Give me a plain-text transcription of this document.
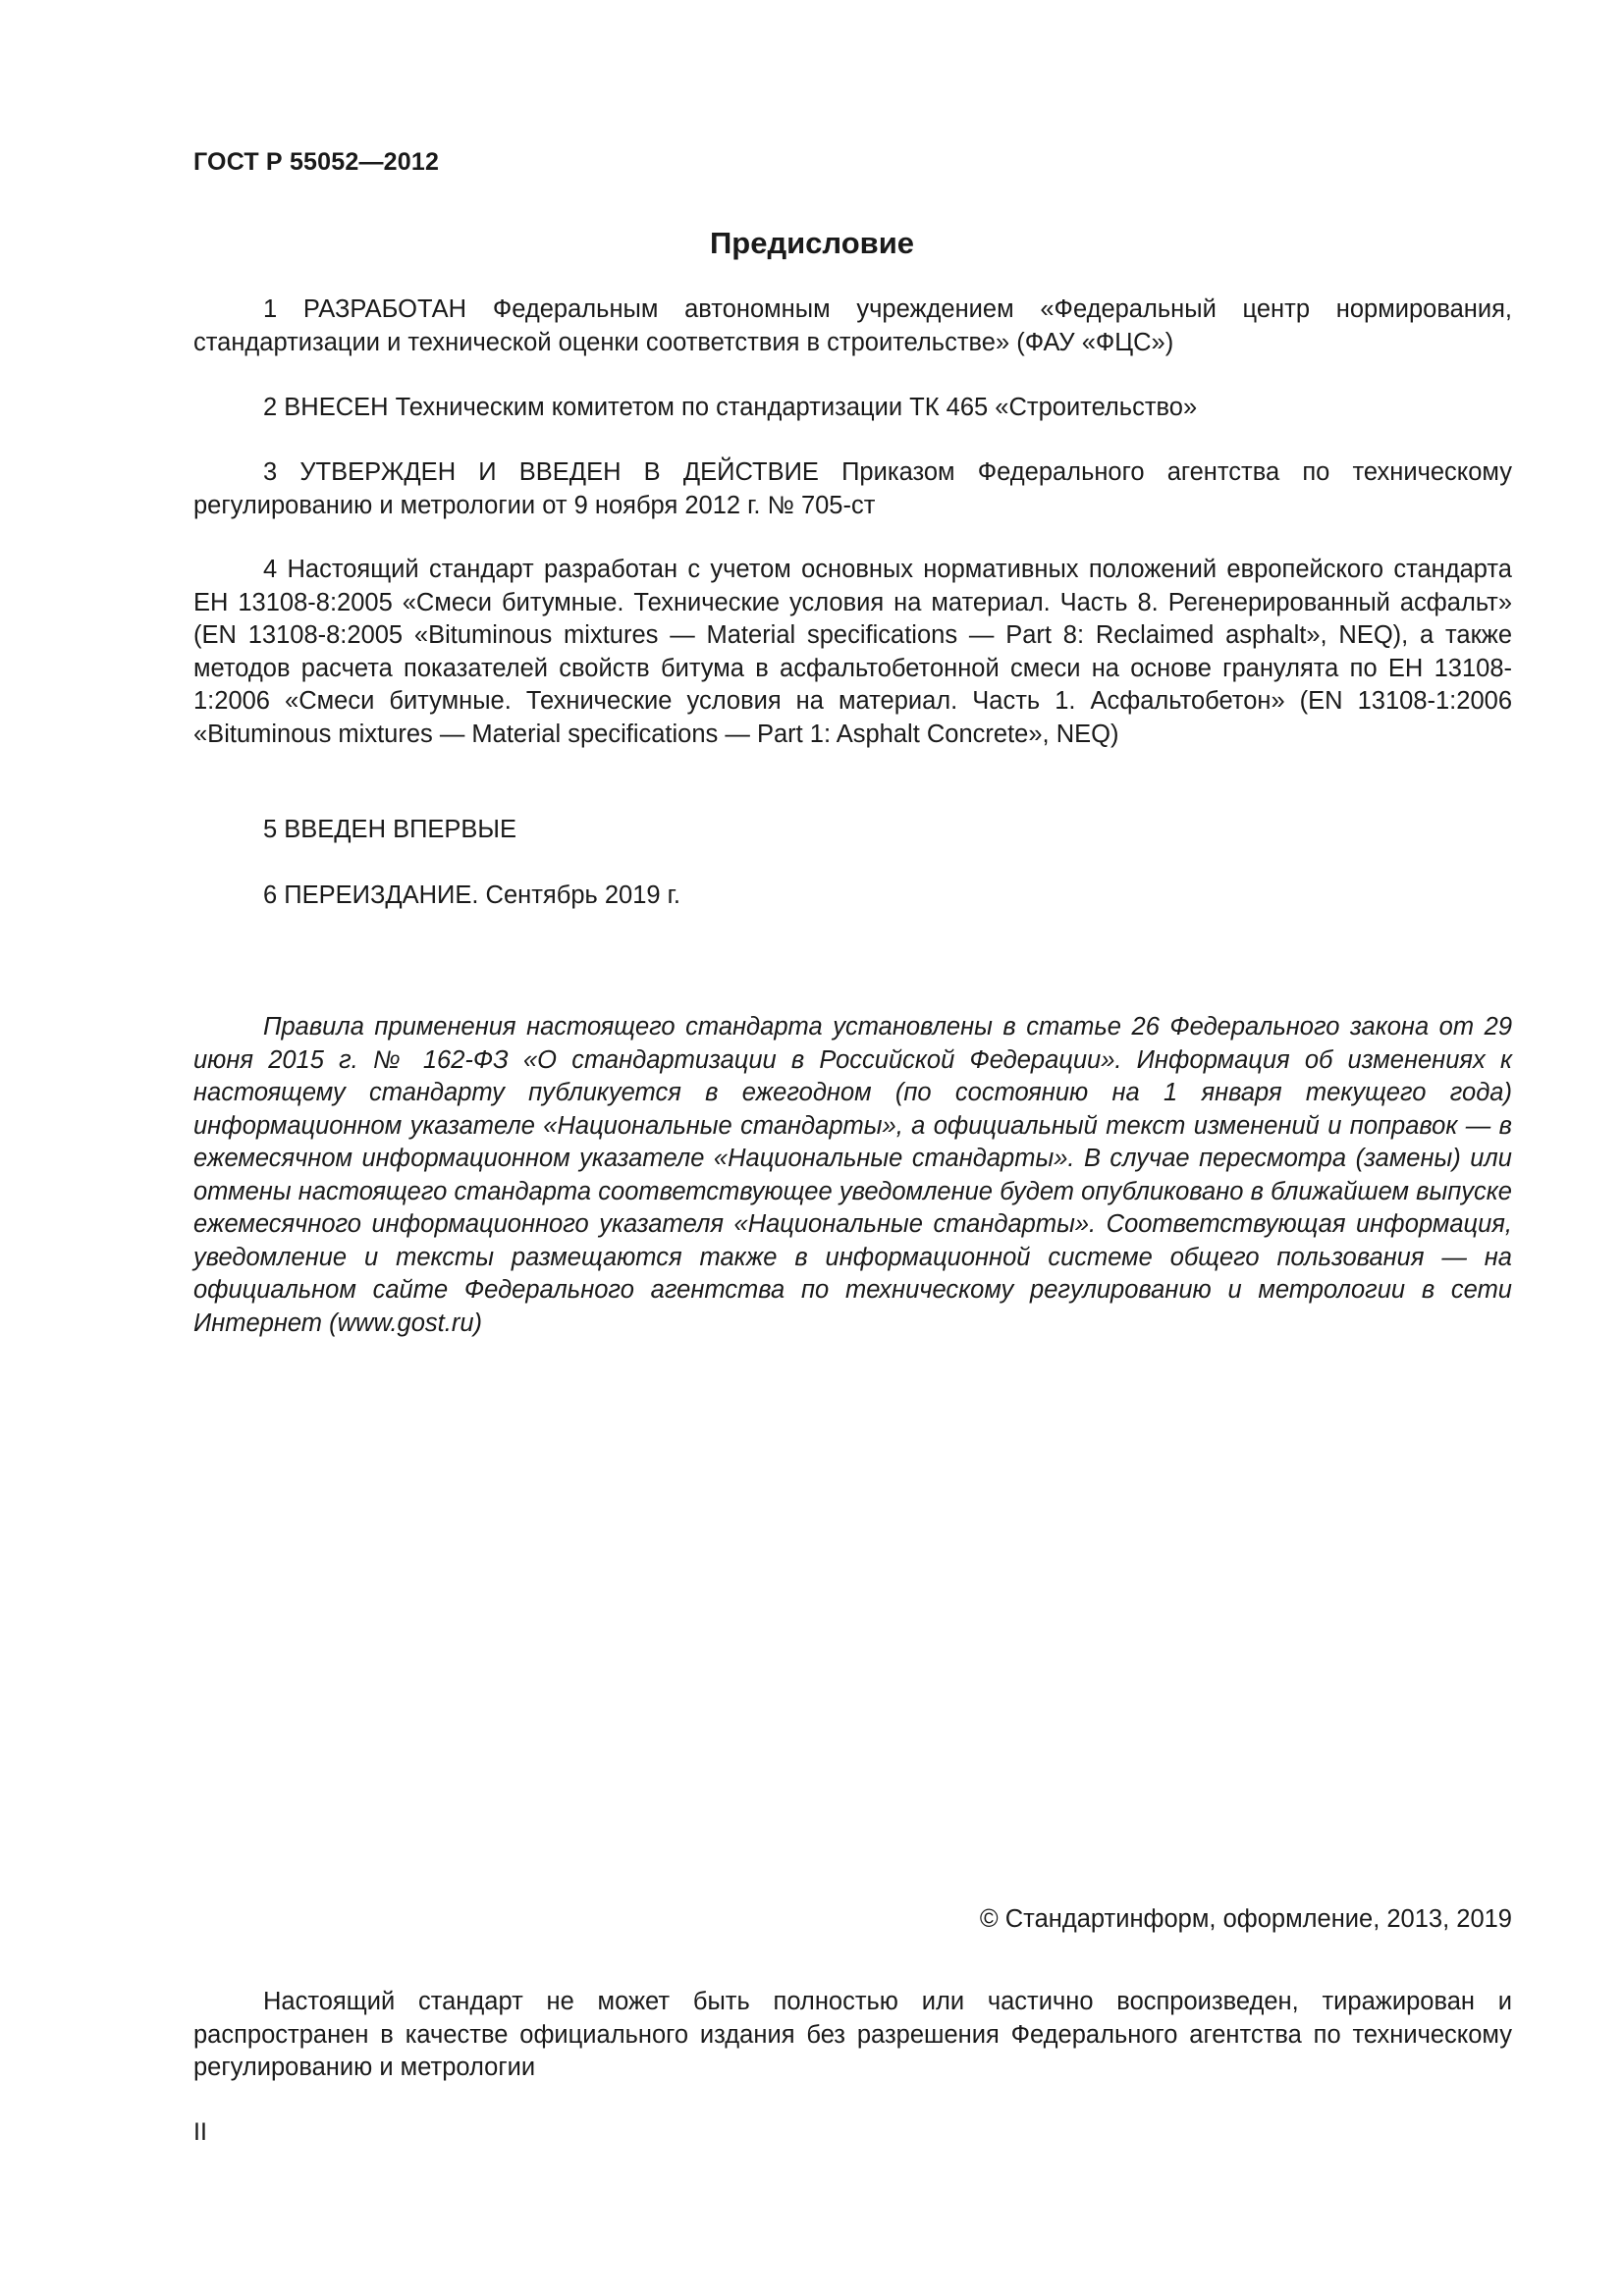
ГОСТ Р 55052—2012
Предисловие

1 РАЗРАБОТАН Федеральным автономным учреждением «Федеральный центр нормирования, стандартизации и технической оценки соответствия в строительстве» (ФАУ «ФЦС»)

2 ВНЕСЕН Техническим комитетом по стандартизации ТК 465 «Строительство»

3 УТВЕРЖДЕН И ВВЕДЕН В ДЕЙСТВИЕ Приказом Федерального агентства по техническому регулированию и метрологии от 9 ноября 2012 г. № 705-ст

4 Настоящий стандарт разработан с учетом основных нормативных положений европейского стандарта ЕН 13108-8:2005 «Смеси битумные. Технические условия на материал. Часть 8. Регенерированный асфальт» (EN 13108-8:2005 «Bituminous mixtures — Material specifications — Part 8: Reclaimed asphalt», NEQ), а также методов расчета показателей свойств битума в асфальтобетонной смеси на основе гранулята по ЕН 13108-1:2006 «Смеси битумные. Технические условия на материал. Часть 1. Асфальтобетон» (EN 13108-1:2006 «Bituminous mixtures — Material specifications — Part 1: Asphalt Concrete», NEQ)

5 ВВЕДЕН ВПЕРВЫЕ

6 ПЕРЕИЗДАНИЕ. Сентябрь 2019 г.

Правила применения настоящего стандарта установлены в статье 26 Федерального закона от 29 июня 2015 г. № 162-ФЗ «О стандартизации в Российской Федерации». Информация об изменениях к настоящему стандарту публикуется в ежегодном (по состоянию на 1 января текущего года) информационном указателе «Национальные стандарты», а официальный текст изменений и поправок — в ежемесячном информационном указателе «Национальные стандарты». В случае пересмотра (замены) или отмены настоящего стандарта соответствующее уведомление будет опубликовано в ближайшем выпуске ежемесячного информационного указателя «Национальные стандарты». Соответствующая информация, уведомление и тексты размещаются также в информационной системе общего пользования — на официальном сайте Федерального агентства по техническому регулированию и метрологии в сети Интернет (www.gost.ru)

© Стандартинформ, оформление, 2013, 2019

Настоящий стандарт не может быть полностью или частично воспроизведен, тиражирован и распространен в качестве официального издания без разрешения Федерального агентства по техническому регулированию и метрологии

II
